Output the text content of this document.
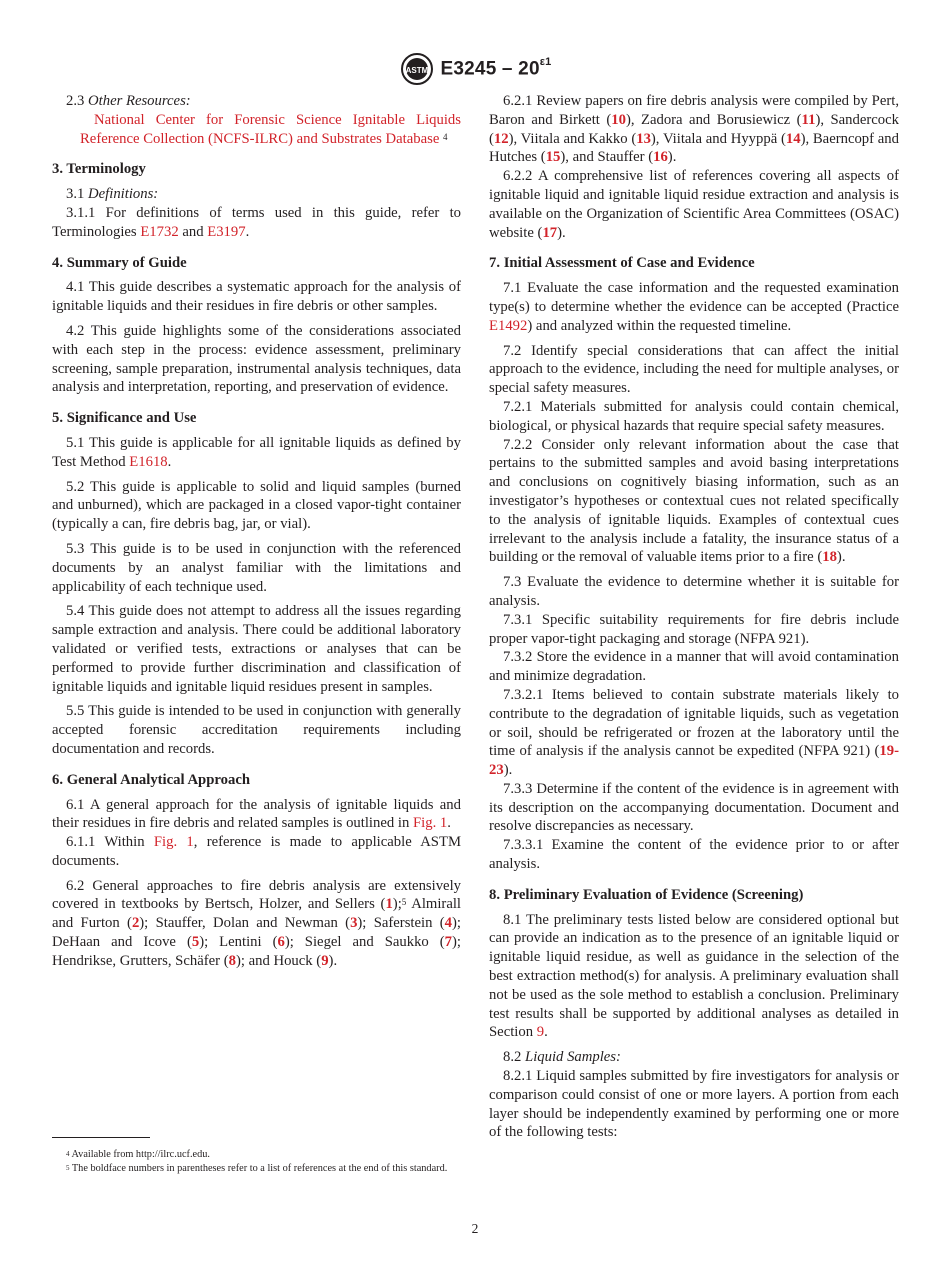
ASTM $E3245 - 20^{\varepsilon 1}$

2.3 Other Resources:

National Center for Forensic Science Ignitable Liquids Reference Collection (NCFS-ILRC) and Substrates Database $^4$

3. Terminology

3.1 Definitions:

3.1.1 For definitions of terms used in this guide, refer to Terminologies E1732 and E3197.

4. Summary of Guide

4.1 This guide describes a systematic approach for the analysis of ignitable liquids and their residues in fire debris or other samples.

4.2 This guide highlights some of the considerations associated with each step in the process: evidence assessment, preliminary screening, sample preparation, instrumental analysis techniques, data analysis and interpretation, reporting, and preservation of evidence.

5. Significance and Use

5.1 This guide is applicable for all ignitable liquids as defined by Test Method E1618.

5.2 This guide is applicable to solid and liquid samples (burned and unburned), which are packaged in a closed vapor-tight container (typically a can, fire debris bag, jar, or vial).

5.3 This guide is to be used in conjunction with the referenced documents by an analyst familiar with the limitations and applicability of each technique used.

5.4 This guide does not attempt to address all the issues regarding sample extraction and analysis. There could be additional laboratory validated or verified tests, extractions or analyses that can be performed to provide further discrimination and classification of ignitable liquids and ignitable liquid residues present in samples.

5.5 This guide is intended to be used in conjunction with generally accepted forensic accreditation requirements including documentation and records.

6. General Analytical Approach

6.1 A general approach for the analysis of ignitable liquids and their residues in fire debris and related samples is outlined in Fig. 1.

6.1.1 Within Fig. 1, reference is made to applicable ASTM documents.

6.2 General approaches to fire debris analysis are extensively covered in textbooks by Bertsch, Holzer, and Sellers (1);$^5$ Almirall and Furton (2); Stauffer, Dolan and Newman (3); Saferstein (4); DeHaan and Icove (5); Lentini (6); Siegel and Saukko (7); Hendrikse, Grutters, Schäfer (8); and Houck (9).

6.2.1 Review papers on fire debris analysis were compiled by Pert, Baron and Birkett (10), Zadora and Borusiewicz (11), Sandercock (12), Viitala and Kakko (13), Viitala and Hyyppä (14), Baerncopf and Hutches (15), and Stauffer (16).

6.2.2 A comprehensive list of references covering all aspects of ignitable liquid and ignitable liquid residue extraction and analysis is available on the Organization of Scientific Area Committees (OSAC) website (17).

7. Initial Assessment of Case and Evidence

7.1 Evaluate the case information and the requested examination type(s) to determine whether the evidence can be accepted (Practice E1492) and analyzed within the requested timeline.

7.2 Identify special considerations that can affect the initial approach to the evidence, including the need for multiple analyses, or special safety measures.

7.2.1 Materials submitted for analysis could contain chemical, biological, or physical hazards that require special safety measures.

7.2.2 Consider only relevant information about the case that pertains to the submitted samples and avoid basing interpretations and conclusions on cognitively biasing information, such as an investigator’s hypotheses or contextual cues not related specifically to the analysis of ignitable liquids. Examples of contextual cues irrelevant to the analysis include a fatality, the insurance status of a building or the removal of valuable items prior to a fire (18).

7.3 Evaluate the evidence to determine whether it is suitable for analysis.

7.3.1 Specific suitability requirements for fire debris include proper vapor-tight packaging and storage (NFPA 921).

7.3.2 Store the evidence in a manner that will avoid contamination and minimize degradation.

7.3.2.1 Items believed to contain substrate materials likely to contribute to the degradation of ignitable liquids, such as vegetation or soil, should be refrigerated or frozen at the laboratory until the time of analysis if the analysis cannot be expedited (NFPA 921) (19-23).

7.3.3 Determine if the content of the evidence is in agreement with its description on the accompanying documentation. Document and resolve discrepancies as necessary.

7.3.3.1 Examine the content of the evidence prior to or after analysis.

8. Preliminary Evaluation of Evidence (Screening)

8.1 The preliminary tests listed below are considered optional but can provide an indication as to the presence of an ignitable liquid or ignitable liquid residue, as well as guidance in the selection of the best extraction method(s) for analysis. A preliminary evaluation shall not be used as the sole method to establish a conclusion. Preliminary test results shall be supported by additional analyses as detailed in Section 9.

8.2 Liquid Samples:

8.2.1 Liquid samples submitted by fire investigators for analysis or comparison could consist of one or more layers. A portion from each layer should be independently examined by performing one or more of the following tests:

$^4$ Available from http://ilrc.ucf.edu.

$^5$ The boldface numbers in parentheses refer to a list of references at the end of this standard.

2
